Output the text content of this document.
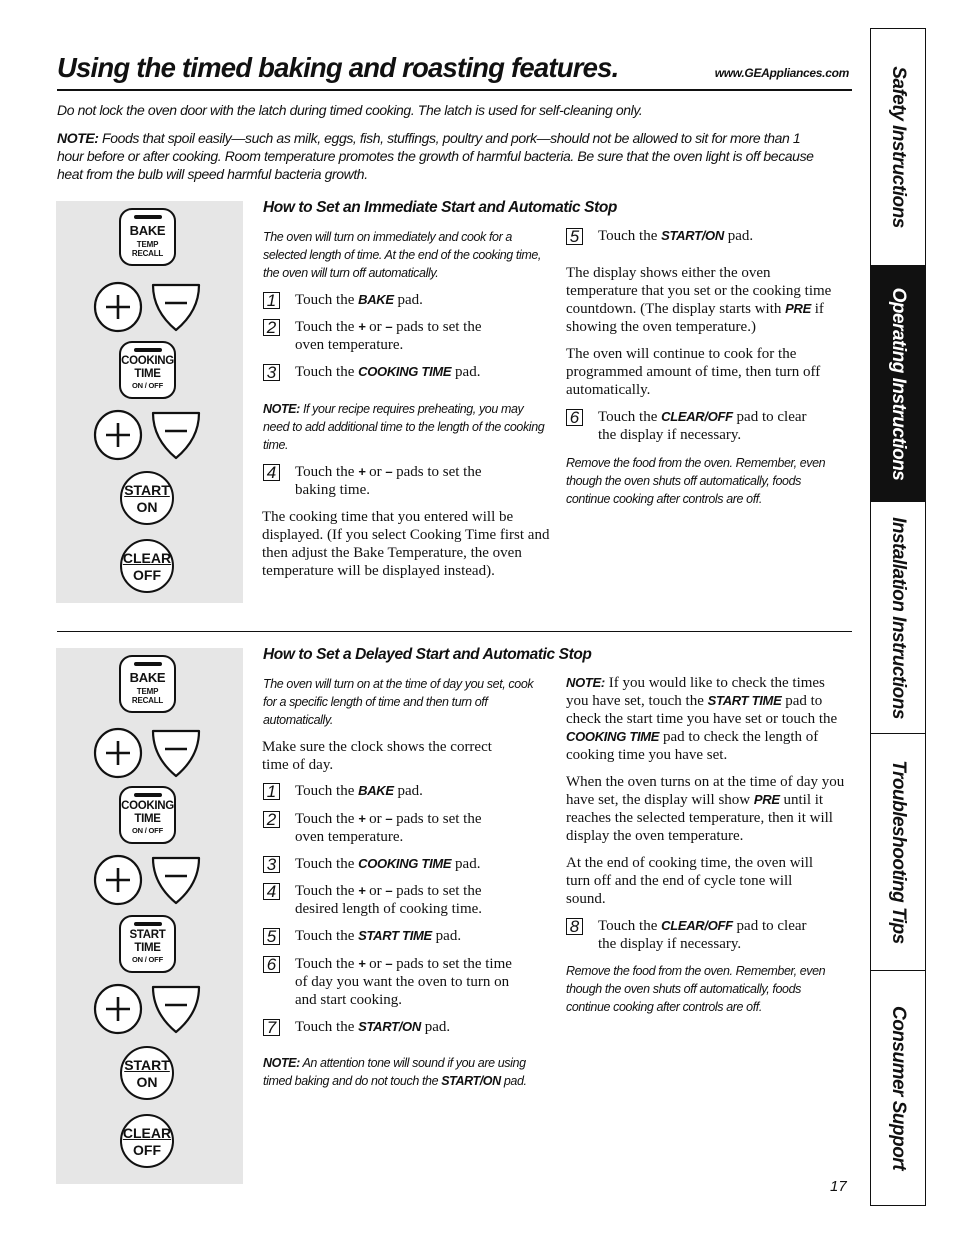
Using the timed baking and roasting features.	www.GEAppliances.com

Do not lock the oven door with the latch during timed cooking. The latch is used for self-cleaning only.

NOTE: Foods that spoil easily—such as milk, eggs, fish, stuffings, poultry and pork—should not be allowed to sit for more than 1 hour before or after cooking. Room temperature promotes the growth of harmful bacteria. Be sure that the oven light is off because heat from the bulb will speed harmful bacteria growth.

BAKE
TEMP
RECALL
COOKING
TIME
ON / OFF
START
ON
CLEAR
OFF
How to Set an Immediate Start and Automatic Stop

The oven will turn on immediately and cook for a selected length of time. At the end of the cooking time, the oven will turn off automatically.

1 Touch the BAKE pad.
2 Touch the + or – pads to set the
oven temperature.
3 Touch the COOKING TIME pad.

NOTE: If your recipe requires preheating, you may need to add additional time to the length of the cooking time.

4 Touch the + or – pads to set the
baking time.

The cooking time that you entered will be displayed. (If you select Cooking Time first and then adjust the Bake Temperature, the oven temperature will be displayed instead).

5 Touch the START/ON pad.

The display shows either the oven temperature that you set or the cooking time countdown. (The display starts with PRE if showing the oven temperature.)

The oven will continue to cook for the programmed amount of time, then turn off automatically.

6 Touch the CLEAR/OFF pad to clear
the display if necessary.

Remove the food from the oven. Remember, even though the oven shuts off automatically, foods continue cooking after controls are off.

BAKE
TEMP
RECALL
COOKING
TIME
ON / OFF
START
TIME
ON / OFF
START
ON
CLEAR
OFF
How to Set a Delayed Start and Automatic Stop

The oven will turn on at the time of day you set, cook for a specific length of time and then turn off automatically.

Make sure the clock shows the correct time of day.

1 Touch the BAKE pad.
2 Touch the + or – pads to set the
oven temperature.
3 Touch the COOKING TIME pad.
4 Touch the + or – pads to set the
desired length of cooking time.
5 Touch the START TIME pad.
6 Touch the + or – pads to set the time
of day you want the oven to turn on
and start cooking.
7 Touch the START/ON pad.

NOTE: An attention tone will sound if you are using timed baking and do not touch the START/ON pad.

NOTE: If you would like to check the times you have set, touch the START TIME pad to check the start time you have set or touch the COOKING TIME pad to check the length of cooking time you have set.

When the oven turns on at the time of day you have set, the display will show PRE until it reaches the selected temperature, then it will display the oven temperature.

At the end of cooking time, the oven will turn off and the end of cycle tone will sound.

8 Touch the CLEAR/OFF pad to clear
the display if necessary.

Remove the food from the oven. Remember, even though the oven shuts off automatically, foods continue cooking after controls are off.

Safety Instructions
Operating Instructions
Installation Instructions
Troubleshooting Tips
Consumer Support
17
